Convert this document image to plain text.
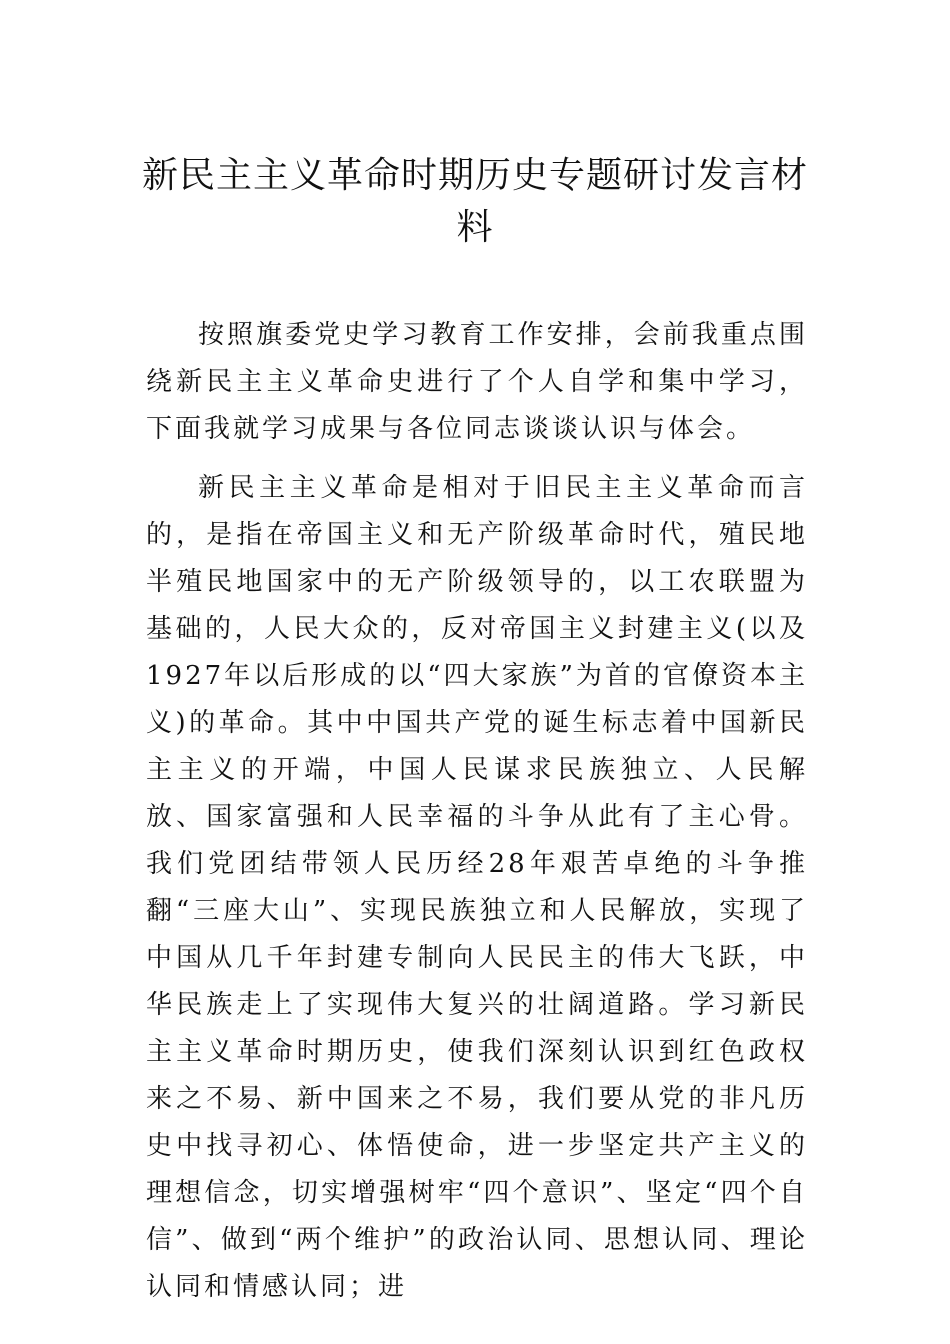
新民主主义革命时期历史专题研讨发言材料

按照旗委党史学习教育工作安排，会前我重点围绕新民主主义革命史进行了个人自学和集中学习，下面我就学习成果与各位同志谈谈认识与体会。

新民主主义革命是相对于旧民主主义革命而言的，是指在帝国主义和无产阶级革命时代，殖民地半殖民地国家中的无产阶级领导的，以工农联盟为基础的，人民大众的，反对帝国主义封建主义(以及1927年以后形成的以“四大家族”为首的官僚资本主义)的革命。其中中国共产党的诞生标志着中国新民主主义的开端，中国人民谋求民族独立、人民解放、国家富强和人民幸福的斗争从此有了主心骨。我们党团结带领人民历经28年艰苦卓绝的斗争推翻“三座大山”、实现民族独立和人民解放，实现了中国从几千年封建专制向人民民主的伟大飞跃，中华民族走上了实现伟大复兴的壮阔道路。学习新民主主义革命时期历史，使我们深刻认识到红色政权来之不易、新中国来之不易，我们要从党的非凡历史中找寻初心、体悟使命，进一步坚定共产主义的理想信念，切实增强树牢“四个意识”、坚定“四个自信”、做到“两个维护”的政治认同、思想认同、理论认同和情感认同；进
